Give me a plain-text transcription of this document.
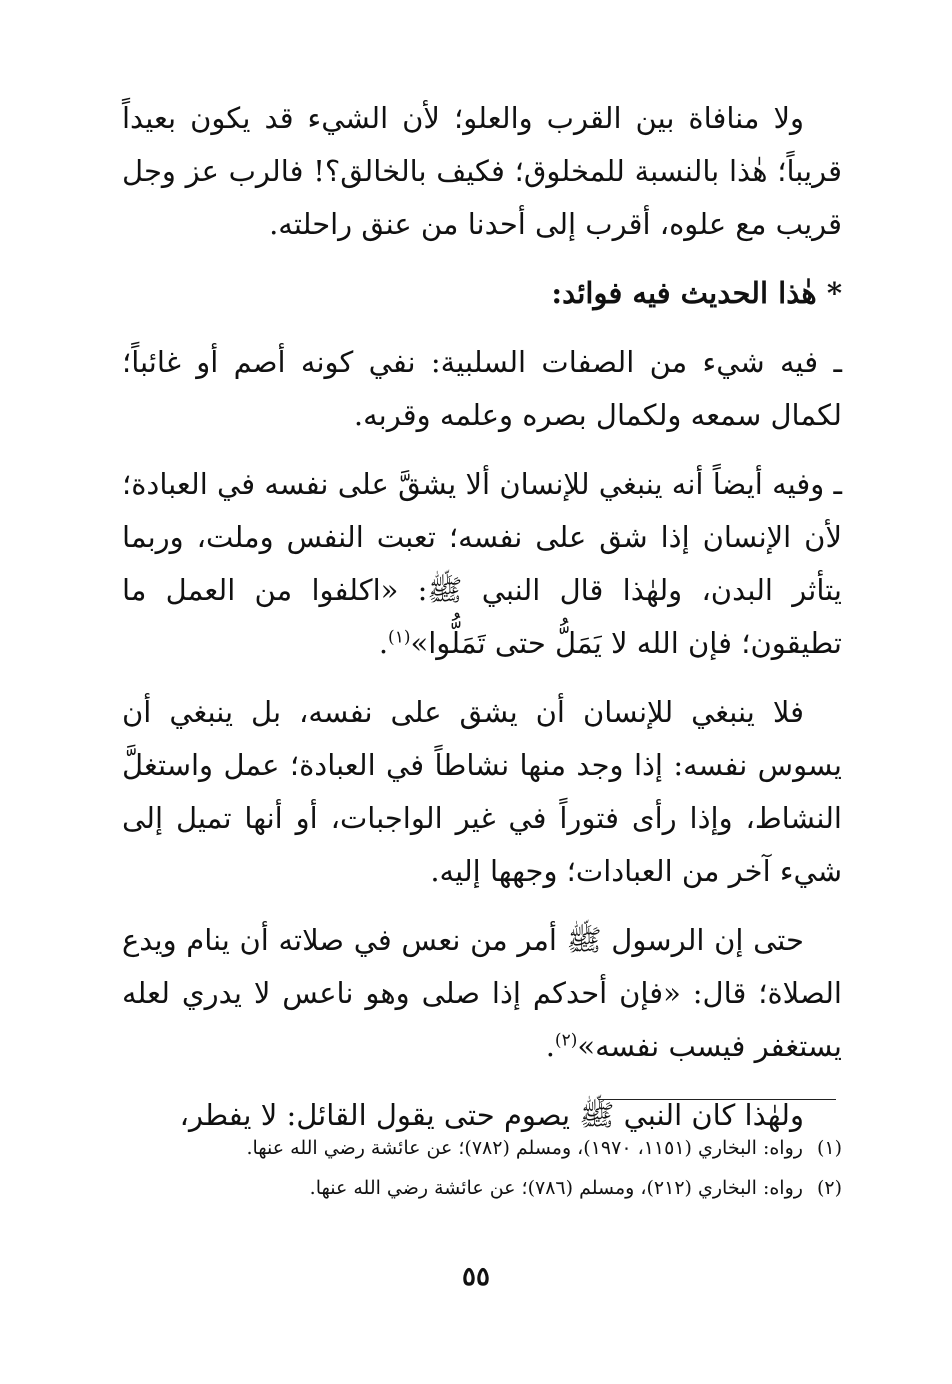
ولا منافاة بين القرب والعلو؛ لأن الشيء قد يكون بعيداً قريباً؛ هٰذا بالنسبة للمخلوق؛ فكيف بالخالق؟! فالرب عز وجل قريب مع علوه، أقرب إلى أحدنا من عنق راحلته.

* هٰذا الحديث فيه فوائد:

ـ فيه شيء من الصفات السلبية: نفي كونه أصم أو غائباً؛ لكمال سمعه ولكمال بصره وعلمه وقربه.

ـ وفيه أيضاً أنه ينبغي للإنسان ألا يشقَّ على نفسه في العبادة؛ لأن الإنسان إذا شق على نفسه؛ تعبت النفس وملت، وربما يتأثر البدن، ولهٰذا قال النبي ﷺ: «اكلفوا من العمل ما تطيقون؛ فإن الله لا يَمَلُّ حتى تَمَلُّوا»$^{(١)}$.

فلا ينبغي للإنسان أن يشق على نفسه، بل ينبغي أن يسوس نفسه: إذا وجد منها نشاطاً في العبادة؛ عمل واستغلَّ النشاط، وإذا رأى فتوراً في غير الواجبات، أو أنها تميل إلى شيء آخر من العبادات؛ وجهها إليه.

حتى إن الرسول ﷺ أمر من نعس في صلاته أن ينام ويدع الصلاة؛ قال: «فإن أحدكم إذا صلى وهو ناعس لا يدري لعله يستغفر فيسب نفسه»$^{(٢)}$.

ولهٰذا كان النبي ﷺ يصوم حتى يقول القائل: لا يفطر،

(١)رواه: البخاري (١١٥١، ١٩٧٠)، ومسلم (٧٨٢)؛ عن عائشة رضي الله عنها.

(٢)رواه: البخاري (٢١٢)، ومسلم (٧٨٦)؛ عن عائشة رضي الله عنها.

٥٥
